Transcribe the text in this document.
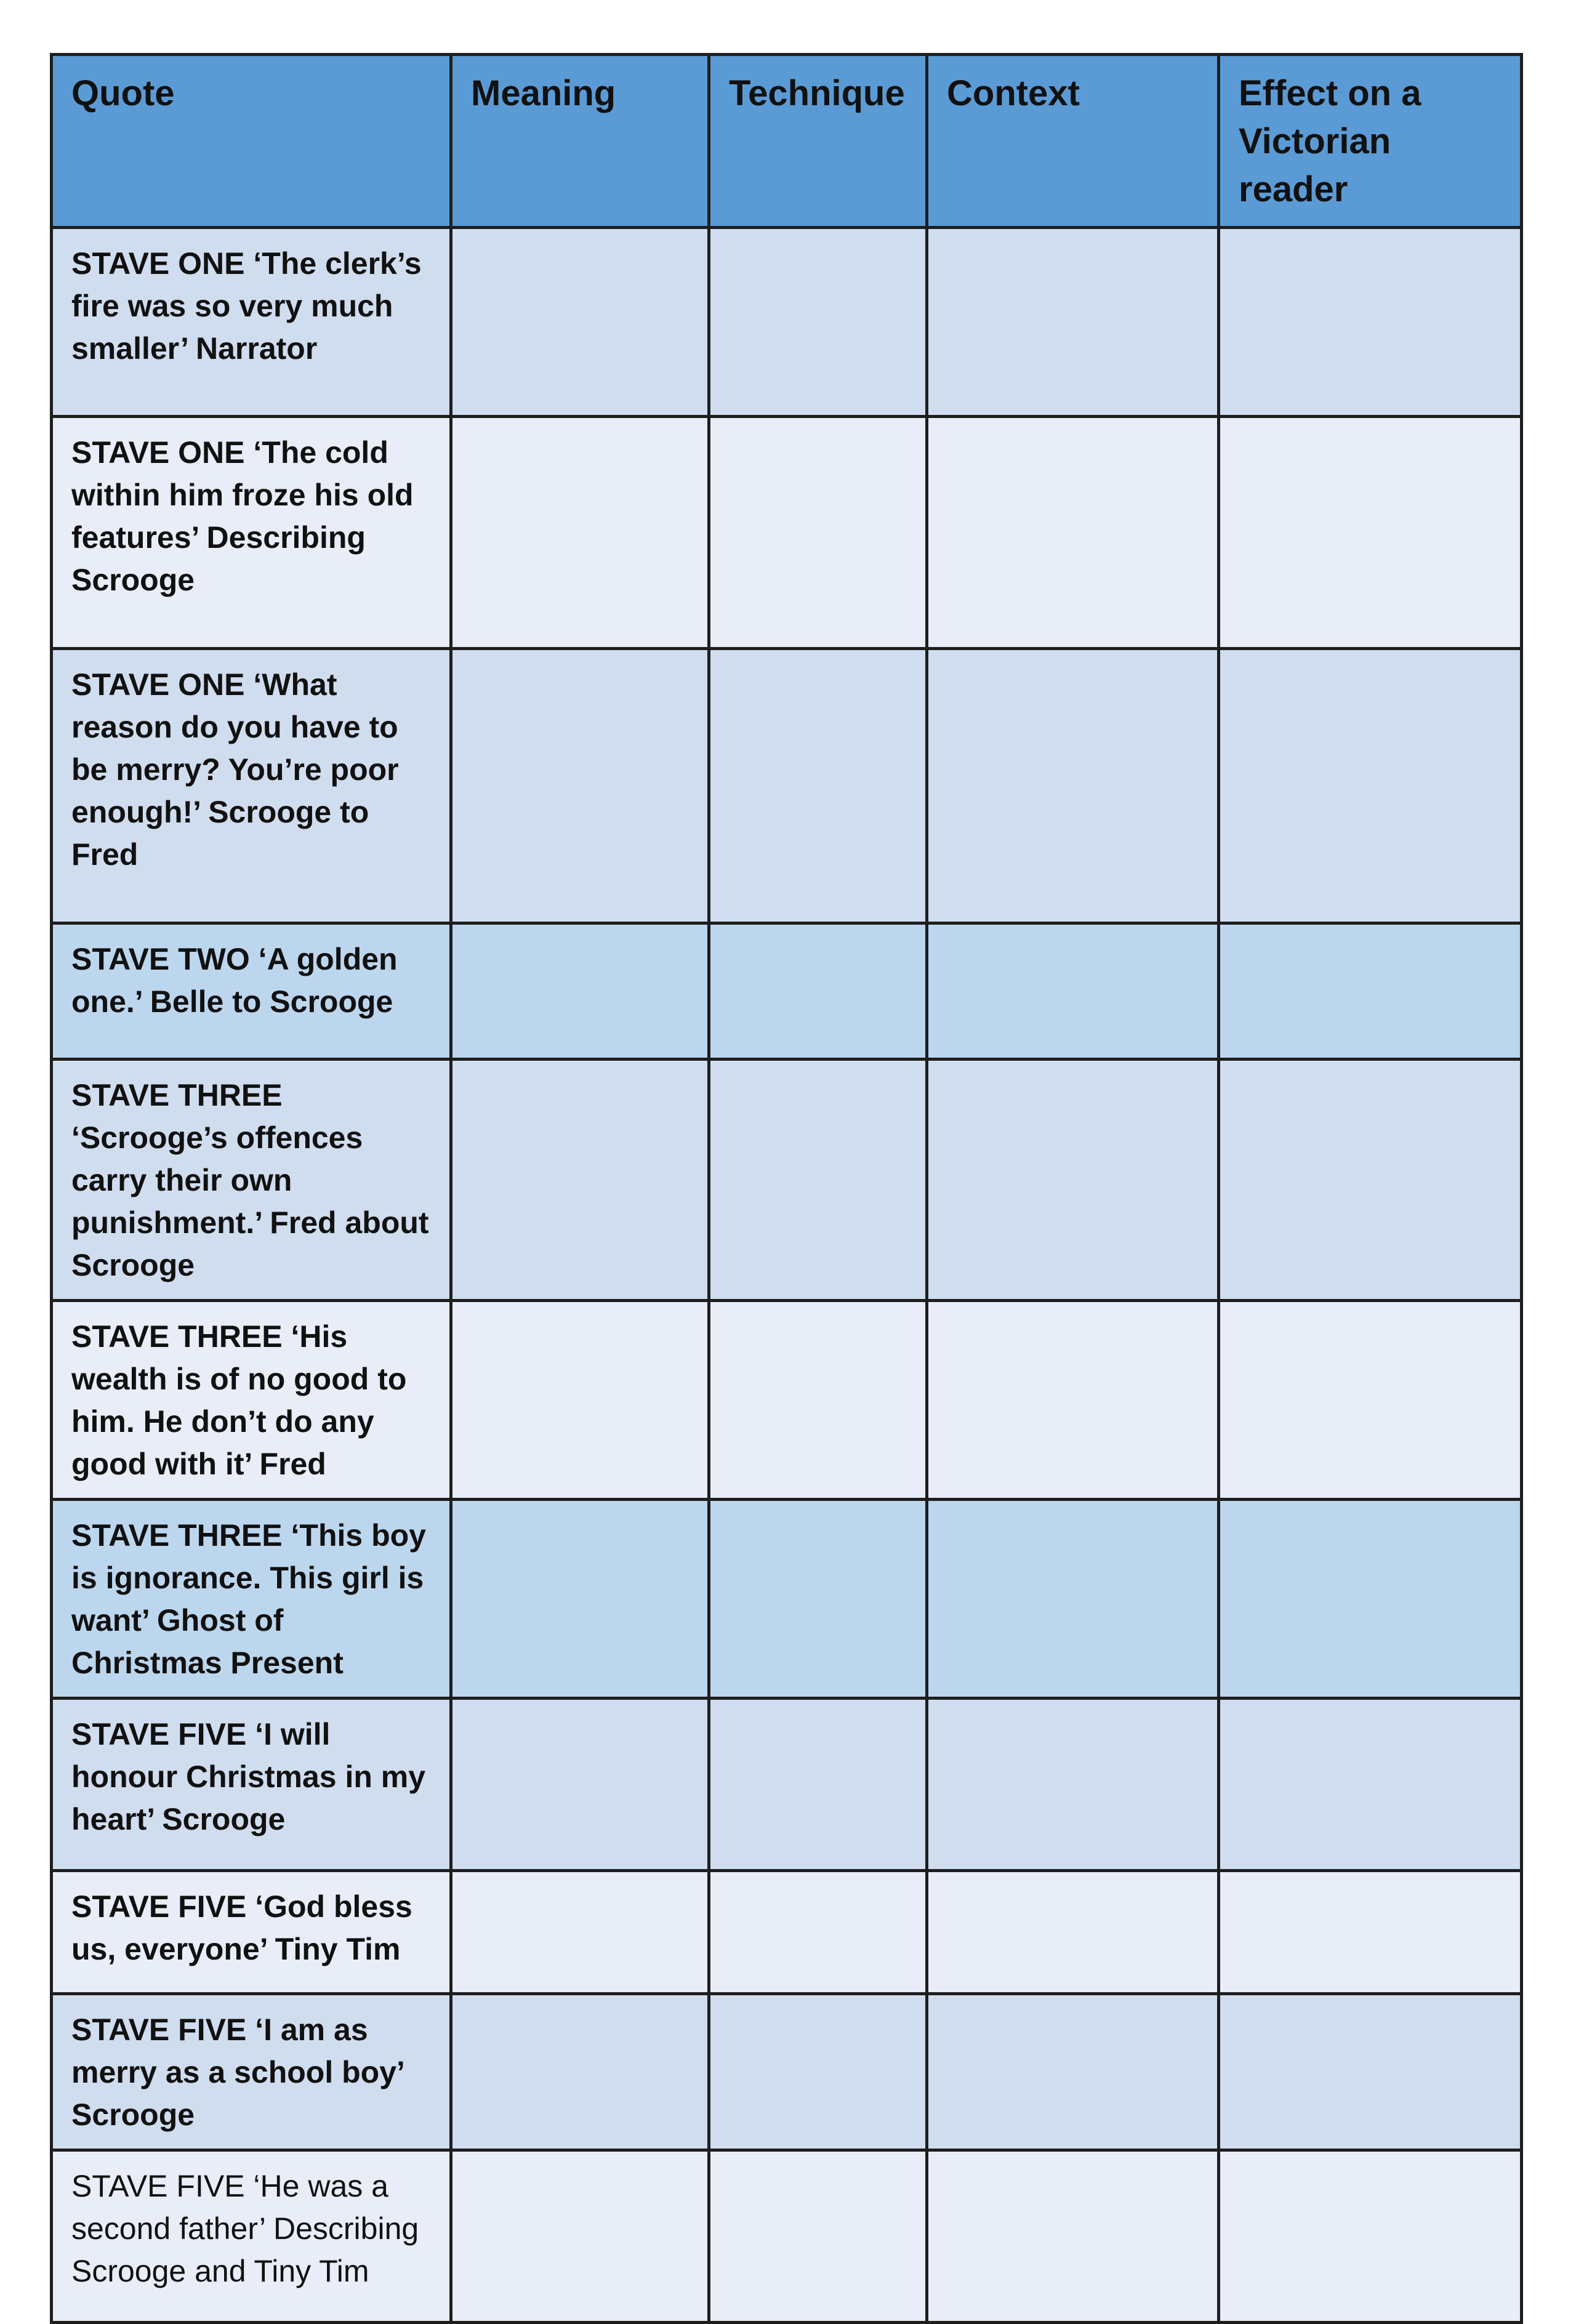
Quote	Meaning	Technique	Context	Effect on a Victorian reader
STAVE ONE ‘The clerk’s fire was so very much smaller’ Narrator				
STAVE ONE ‘The cold within him froze his old features’ Describing Scrooge				
STAVE ONE ‘What reason do you have to be merry? You’re poor enough!’ Scrooge to Fred				
STAVE TWO ‘A golden one.’ Belle to Scrooge				
STAVE THREE ‘Scrooge’s offences carry their own punishment.’ Fred about Scrooge				
STAVE THREE ‘His wealth is of no good to him. He don’t do any good with it’ Fred				
STAVE THREE ‘This boy is ignorance. This girl is want’ Ghost of Christmas Present				
STAVE FIVE ‘I will honour Christmas in my heart’ Scrooge				
STAVE FIVE ‘God bless us, everyone’ Tiny Tim				
STAVE FIVE ‘I am as merry as a school boy’ Scrooge				
STAVE FIVE ‘He was a second father’ Describing Scrooge and Tiny Tim				
